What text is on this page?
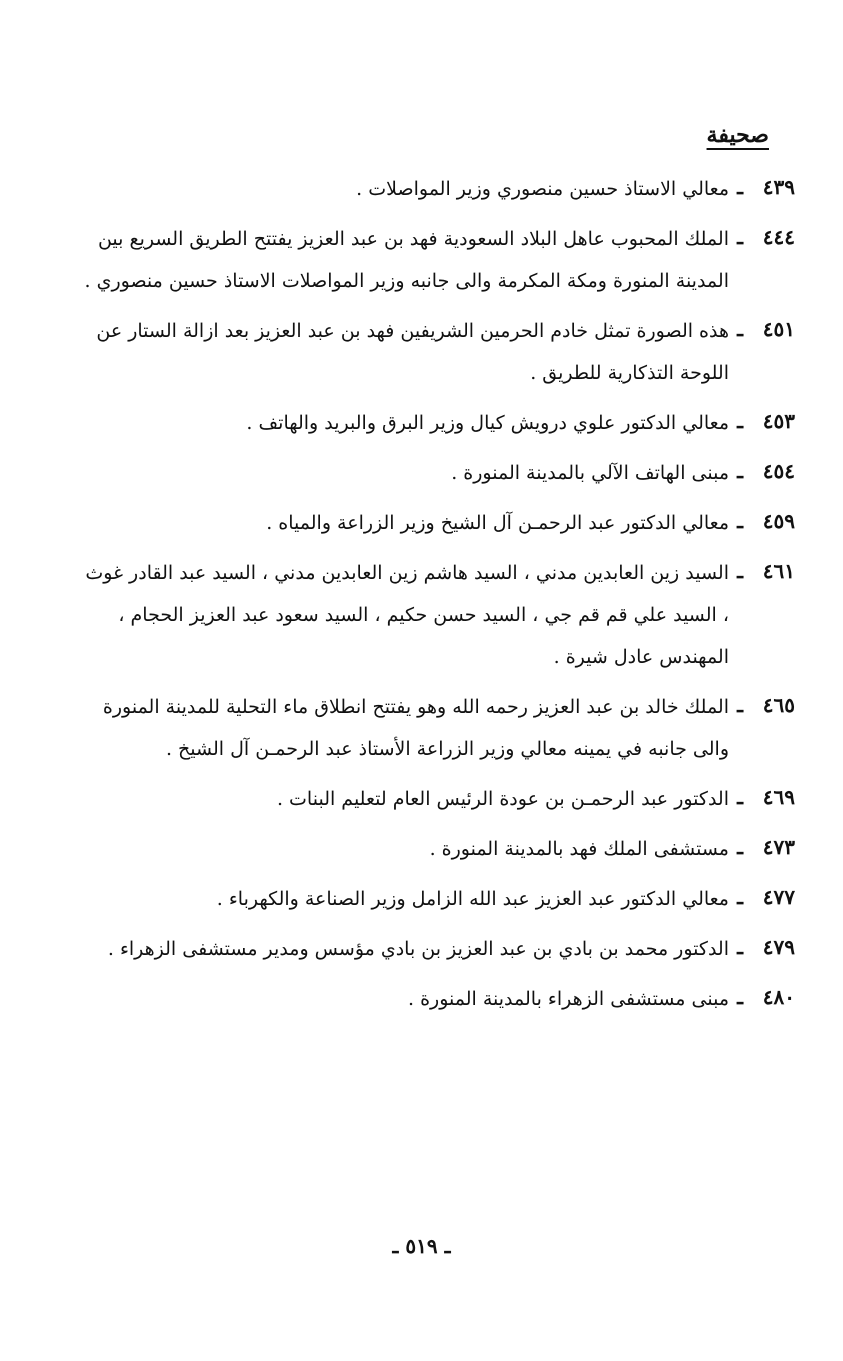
صحيفة
٤٣٩
ـ
معالي الاستاذ حسين منصوري وزير المواصلات .
٤٤٤
ـ
الملك المحبوب عاهل البلاد السعودية فهد بن عبد العزيز يفتتح الطريق السريع بين المدينة المنورة ومكة المكرمة والى جانبه وزير المواصلات الاستاذ حسين منصوري .
٤٥١
ـ
هذه الصورة تمثل خادم الحرمين الشريفين فهد بن عبد العزيز بعد ازالة الستار عن اللوحة التذكارية للطريق .
٤٥٣
ـ
معالي الدكتور علوي درويش كيال وزير البرق والبريد والهاتف .
٤٥٤
ـ
مبنى الهاتف الآلي بالمدينة المنورة .
٤٥٩
ـ
معالي الدكتور عبد الرحمـن آل الشيخ وزير الزراعة والمياه .
٤٦١
ـ
السيد زين العابدين مدني ، السيد هاشم زين العابدين مدني ، السيد عبد القادر غوث ، السيد علي قم قم جي ، السيد حسن حكيم ، السيد سعود عبد العزيز الحجام ، المهندس عادل شيرة .
٤٦٥
ـ
الملك خالد بن عبد العزيز رحمه الله وهو يفتتح انطلاق ماء التحلية للمدينة المنورة والى جانبه في يمينه معالي وزير الزراعة الأستاذ عبد الرحمـن آل الشيخ .
٤٦٩
ـ
الدكتور عبد الرحمـن بن عودة الرئيس العام لتعليم البنات .
٤٧٣
ـ
مستشفى الملك فهد بالمدينة المنورة .
٤٧٧
ـ
معالي الدكتور عبد العزيز عبد الله الزامل وزير الصناعة والكهرباء .
٤٧٩
ـ
الدكتور محمد بن بادي بن عبد العزيز بن بادي مؤسس ومدير مستشفى الزهراء .
٤٨٠
ـ
مبنى مستشفى الزهراء بالمدينة المنورة .
ـ ٥١٩ ـ
